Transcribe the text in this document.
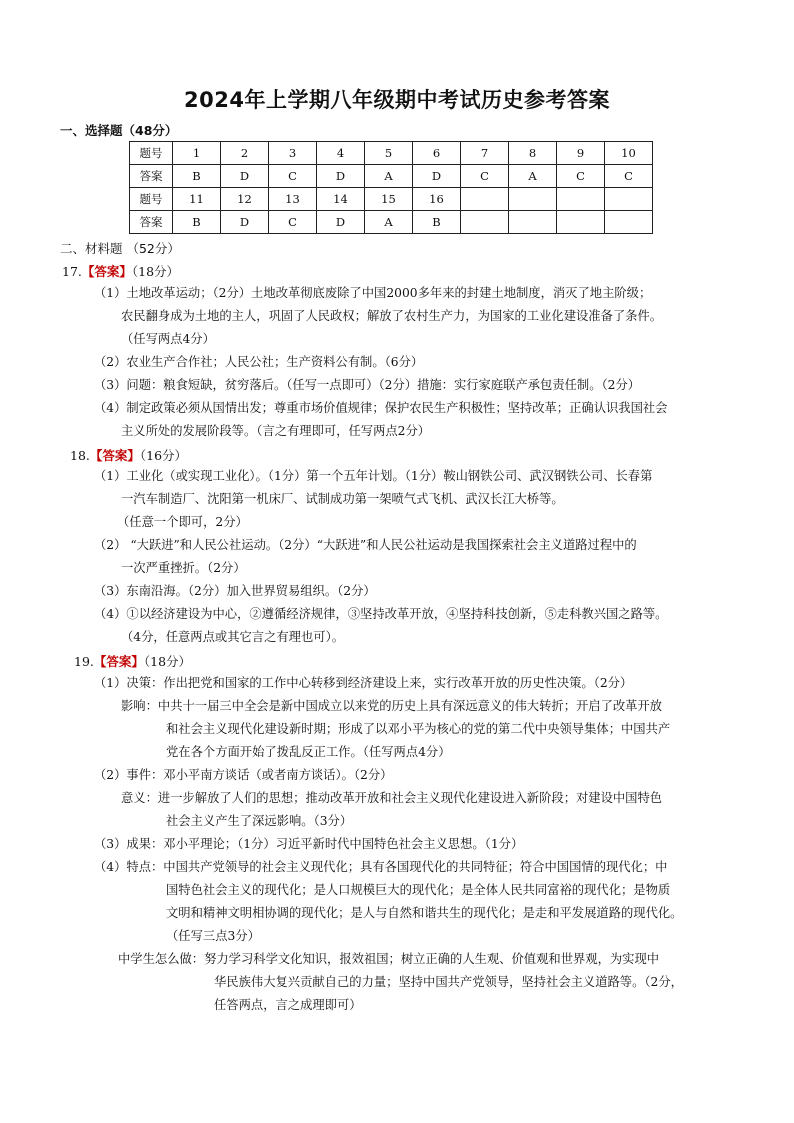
2024年上学期八年级期中考试历史参考答案
一、选择题（48分）
题号	1	2	3	4	5	6	7	8	9	10
答案	B	D	C	D	A	D	C	A	C	C
题号	11	12	13	14	15	16				
答案	B	D	C	D	A	B				
二、材料题 （52分）
17.【答案】（18分）
（1）土地改革运动；（2分）土地改革彻底废除了中国2000多年来的封建土地制度，消灭了地主阶级；
农民翻身成为土地的主人，巩固了人民政权；解放了农村生产力，为国家的工业化建设准备了条件。
（任写两点4分）
（2）农业生产合作社；人民公社；生产资料公有制。（6分）
（3）问题：粮食短缺，贫穷落后。（任写一点即可）（2分）措施：实行家庭联产承包责任制。（2分）
（4）制定政策必须从国情出发；尊重市场价值规律；保护农民生产积极性；坚持改革；正确认识我国社会
主义所处的发展阶段等。（言之有理即可，任写两点2分）
18.【答案】（16分）
（1）工业化（或实现工业化）。（1分）第一个五年计划。（1分）鞍山钢铁公司、武汉钢铁公司、长春第
一汽车制造厂、沈阳第一机床厂、试制成功第一架喷气式飞机、武汉长江大桥等。
（任意一个即可，2分）
（2） “大跃进”和人民公社运动。（2分）“大跃进”和人民公社运动是我国探索社会主义道路过程中的
一次严重挫折。（2分）
（3）东南沿海。（2分）加入世界贸易组织。（2分）
（4）①以经济建设为中心，②遵循经济规律，③坚持改革开放，④坚持科技创新，⑤走科教兴国之路等。
（4分，任意两点或其它言之有理也可）。
19.【答案】（18分）
（1）决策：作出把党和国家的工作中心转移到经济建设上来，实行改革开放的历史性决策。（2分）
影响：中共十一届三中全会是新中国成立以来党的历史上具有深远意义的伟大转折；开启了改革开放
和社会主义现代化建设新时期；形成了以邓小平为核心的党的第二代中央领导集体；中国共产
党在各个方面开始了拨乱反正工作。（任写两点4分）
（2）事件：邓小平南方谈话（或者南方谈话）。（2分）
意义：进一步解放了人们的思想；推动改革开放和社会主义现代化建设进入新阶段；对建设中国特色
社会主义产生了深远影响。（3分）
（3）成果：邓小平理论；（1分）习近平新时代中国特色社会主义思想。（1分）
（4）特点：中国共产党领导的社会主义现代化；具有各国现代化的共同特征；符合中国国情的现代化；中
国特色社会主义的现代化；是人口规模巨大的现代化；是全体人民共同富裕的现代化；是物质
文明和精神文明相协调的现代化；是人与自然和谐共生的现代化；是走和平发展道路的现代化。
（任写三点3分）
中学生怎么做：努力学习科学文化知识，报效祖国；树立正确的人生观、价值观和世界观，为实现中
华民族伟大复兴贡献自己的力量；坚持中国共产党领导，坚持社会主义道路等。（2分，
任答两点，言之成理即可）
